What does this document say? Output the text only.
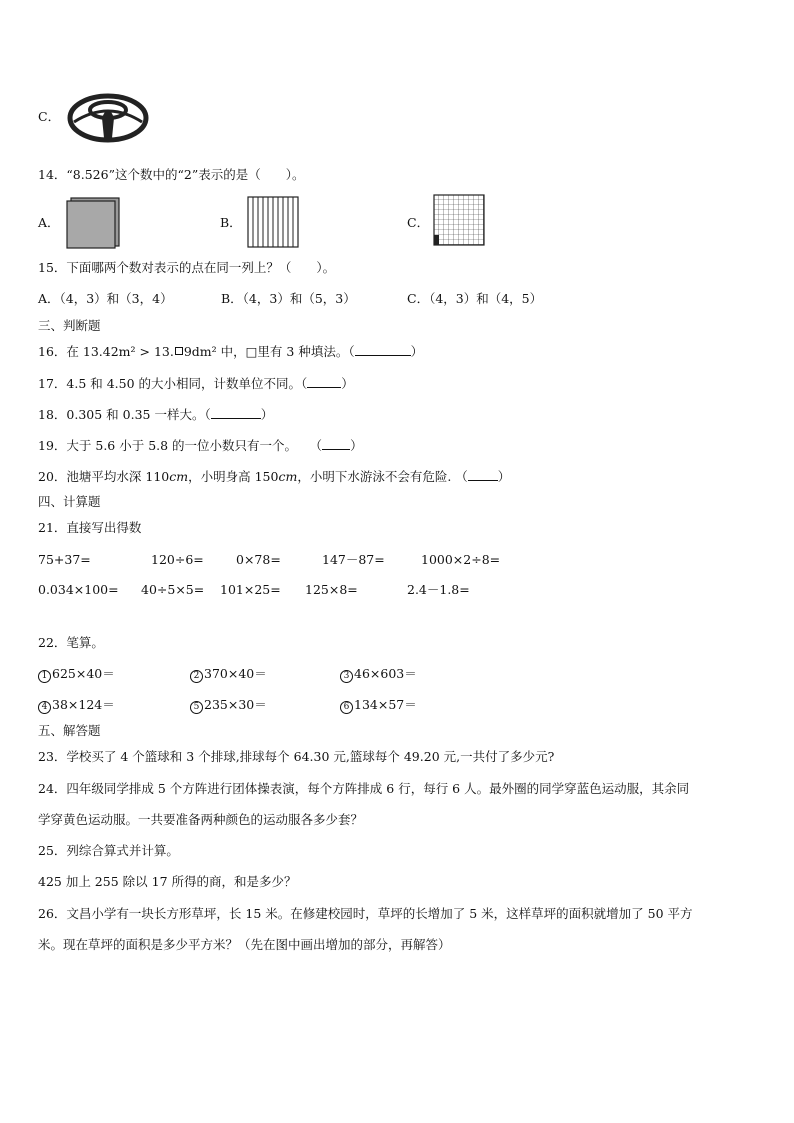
C．
14．“8.526”这个数中的“2”表示的是（　　）。
A．	B．	C．
15．下面哪两个数对表示的点在同一列上？（　　）。
A．（4，3）和（3，4）	B．（4，3）和（5，3）	C．（4，3）和（4，5）
三、判断题
16．在 13.42m² > 13. 9dm² 中，□里有 3 种填法。（	）
17．4.5 和 4.50 的大小相同，计数单位不同。（	）
18．0.305 和 0.35 一样大。（	）
19．大于 5.6 小于 5.8 的一位小数只有一个。　　（ ）
20．池塘平均水深 110cm，小明身高 150cm，小明下水游泳不会有危险. （ ）
四、计算题
21．直接写出得数
75+37=	120÷6=	0×78=	147－87=	1000×2÷8=
0.034×100= 40÷5×5= 101×25= 125×8=	2.4－1.8=
22．笔算。
1 625×40＝	2 370×40＝	3 46×603＝
4 38×124＝	5 235×30＝	6 134×57＝
五、解答题
23．学校买了 4 个篮球和 3 个排球,排球每个 64.30 元,篮球每个 49.20 元,一共付了多少元?
24．四年级同学排成 5 个方阵进行团体操表演，每个方阵排成 6 行，每行 6 人。最外圈的同学穿蓝色运动服，其余同
学穿黄色运动服。一共要准备两种颜色的运动服各多少套？
25．列综合算式并计算。
425 加上 255 除以 17 所得的商，和是多少？
26．文昌小学有一块长方形草坪，长 15 米。在修建校园时，草坪的长增加了 5 米，这样草坪的面积就增加了 50 平方
米。现在草坪的面积是多少平方米？（先在图中画出增加的部分，再解答）
